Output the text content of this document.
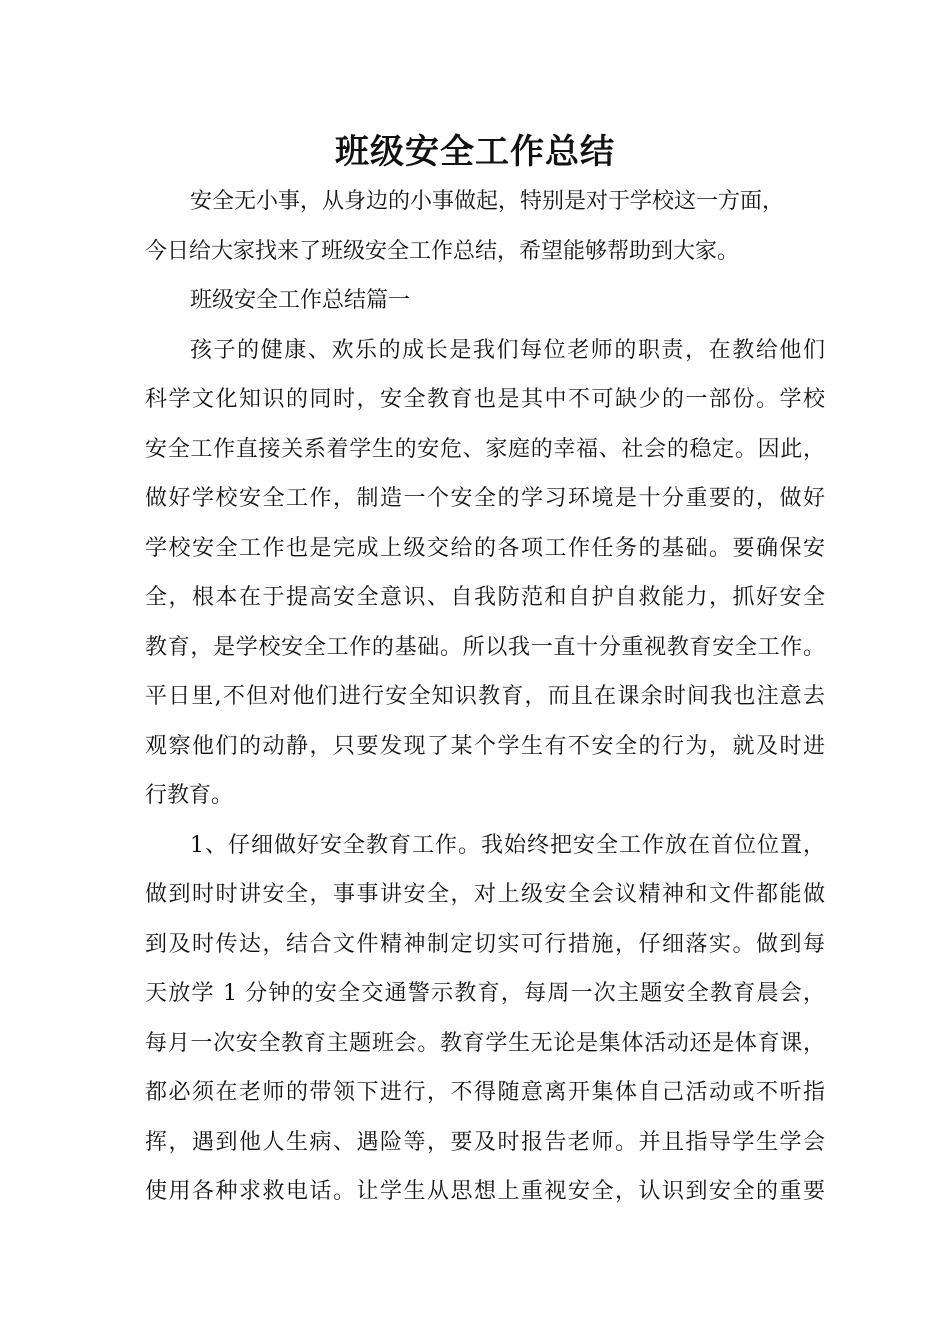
班级安全工作总结
安全无小事，从身边的小事做起，特别是对于学校这一方面，
今日给大家找来了班级安全工作总结，希望能够帮助到大家。
班级安全工作总结篇一
孩子的健康、欢乐的成长是我们每位老师的职责，在教给他们
科学文化知识的同时，安全教育也是其中不可缺少的一部份。学校
安全工作直接关系着学生的安危、家庭的幸福、社会的稳定。因此，
做好学校安全工作，制造一个安全的学习环境是十分重要的，做好
学校安全工作也是完成上级交给的各项工作任务的基础。要确保安
全，根本在于提高安全意识、自我防范和自护自救能力，抓好安全
教育，是学校安全工作的基础。所以我一直十分重视教育安全工作。
平日里,不但对他们进行安全知识教育，而且在课余时间我也注意去
观察他们的动静，只要发现了某个学生有不安全的行为，就及时进
行教育。
1、仔细做好安全教育工作。我始终把安全工作放在首位位置，
做到时时讲安全，事事讲安全，对上级安全会议精神和文件都能做
到及时传达，结合文件精神制定切实可行措施，仔细落实。做到每
天放学 1 分钟的安全交通警示教育，每周一次主题安全教育晨会，
每月一次安全教育主题班会。教育学生无论是集体活动还是体育课，
都必须在老师的带领下进行，不得随意离开集体自己活动或不听指
挥，遇到他人生病、遇险等，要及时报告老师。并且指导学生学会
使用各种求救电话。让学生从思想上重视安全，认识到安全的重要
